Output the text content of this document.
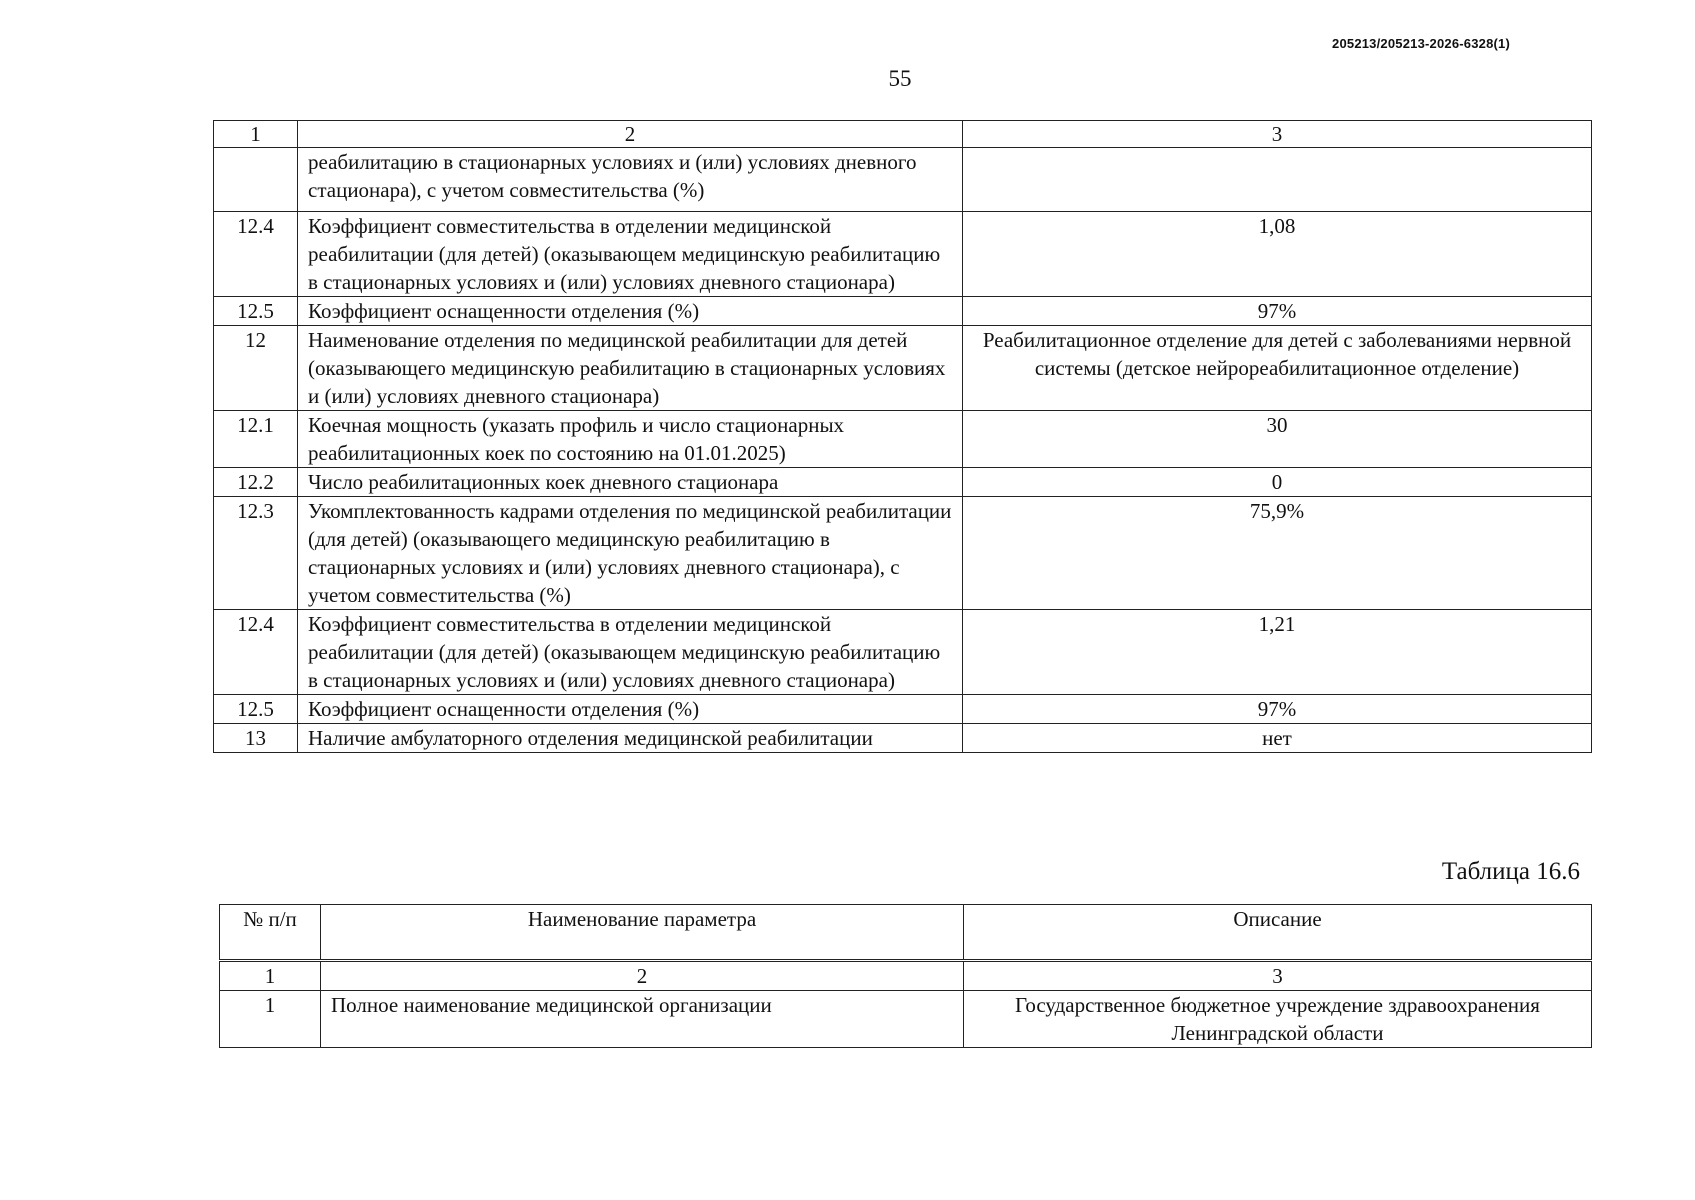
205213/205213-2026-6328(1)
55
1	2	3
	реабилитацию в стационарных условиях и (или) условиях дневного стационара), с учетом совместительства (%)	
12.4	Коэффициент совместительства в отделении медицинской реабилитации (для детей) (оказывающем медицинскую реабилитацию в стационарных условиях и (или) условиях дневного стационара)	1,08
12.5	Коэффициент оснащенности отделения (%)	97%
12	Наименование отделения по медицинской реабилитации для детей (оказывающего медицинскую реабилитацию в стационарных условиях и (или) условиях дневного стационара)	Реабилитационное отделение для детей с заболеваниями нервной системы (детское нейрореабилитационное отделение)
12.1	Коечная мощность (указать профиль и число стационарных реабилитационных коек по состоянию на 01.01.2025)	30
12.2	Число реабилитационных коек дневного стационара	0
12.3	Укомплектованность кадрами отделения по медицинской реабилитации (для детей) (оказывающего медицинскую реабилитацию в стационарных условиях и (или) условиях дневного стационара), с учетом совместительства (%)	75,9%
12.4	Коэффициент совместительства в отделении медицинской реабилитации (для детей) (оказывающем медицинскую реабилитацию в стационарных условиях и (или) условиях дневного стационара)	1,21
12.5	Коэффициент оснащенности отделения (%)	97%
13	Наличие амбулаторного отделения медицинской реабилитации	нет
Таблица 16.6
№ п/п	Наименование параметра	Описание
1	2	3
1	Полное наименование медицинской организации	Государственное бюджетное учреждение здравоохранения Ленинградской области
